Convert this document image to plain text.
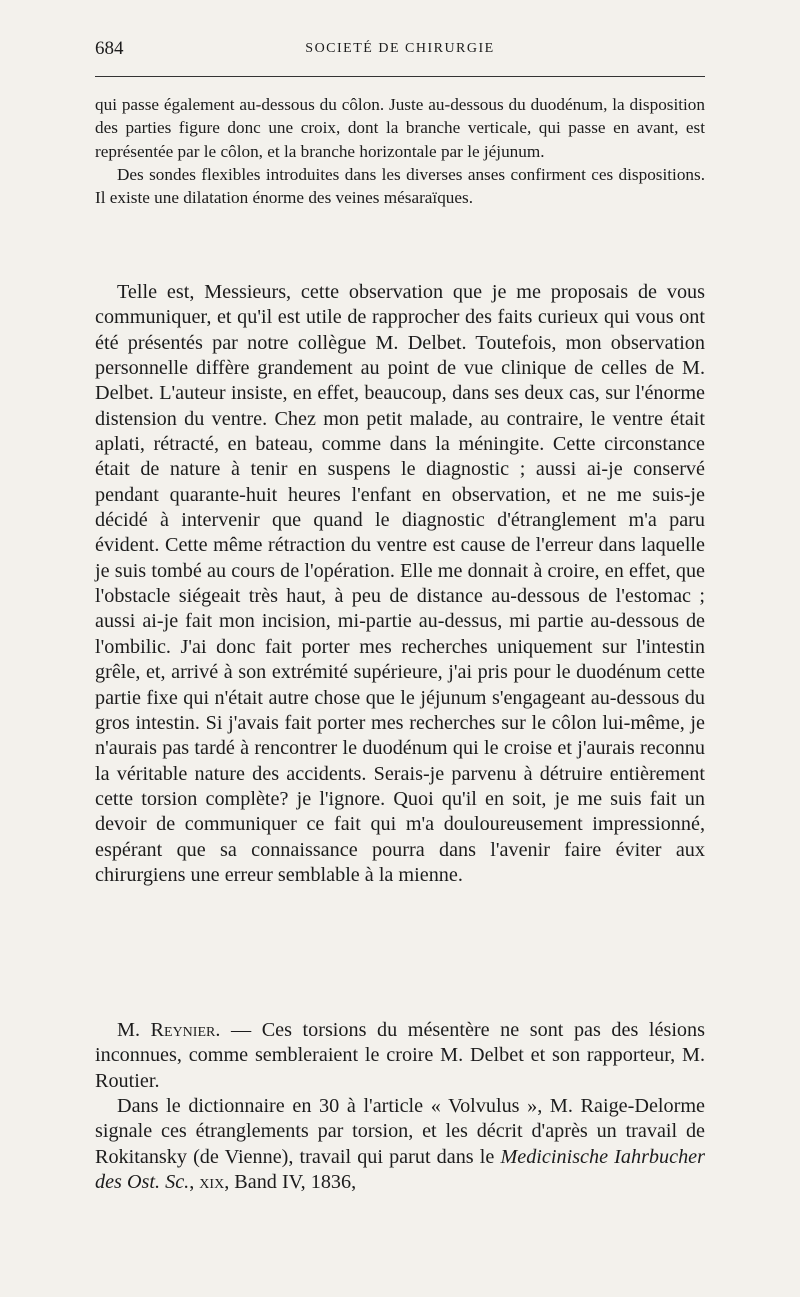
684	SOCIETÉ DE CHIRURGIE

qui passe également au-dessous du côlon. Juste au-dessous du duodénum, la disposition des parties figure donc une croix, dont la branche verticale, qui passe en avant, est représentée par le côlon, et la branche horizontale par le jéjunum.

Des sondes flexibles introduites dans les diverses anses confirment ces dispositions. Il existe une dilatation énorme des veines mésaraïques.

Telle est, Messieurs, cette observation que je me proposais de vous communiquer, et qu'il est utile de rapprocher des faits curieux qui vous ont été présentés par notre collègue M. Delbet. Toutefois, mon observation personnelle diffère grandement au point de vue clinique de celles de M. Delbet. L'auteur insiste, en effet, beaucoup, dans ses deux cas, sur l'énorme distension du ventre. Chez mon petit malade, au contraire, le ventre était aplati, rétracté, en bateau, comme dans la méningite. Cette circonstance était de nature à tenir en suspens le diagnostic ; aussi ai-je conservé pendant quarante-huit heures l'enfant en observation, et ne me suis-je décidé à intervenir que quand le diagnostic d'étranglement m'a paru évident. Cette même rétraction du ventre est cause de l'erreur dans laquelle je suis tombé au cours de l'opération. Elle me donnait à croire, en effet, que l'obstacle siégeait très haut, à peu de distance au-dessous de l'estomac ; aussi ai-je fait mon incision, mi-partie au-dessus, mi partie au-dessous de l'ombilic. J'ai donc fait porter mes recherches uniquement sur l'intestin grêle, et, arrivé à son extrémité supérieure, j'ai pris pour le duodénum cette partie fixe qui n'était autre chose que le jéjunum s'engageant au-dessous du gros intestin. Si j'avais fait porter mes recherches sur le côlon lui-même, je n'aurais pas tardé à rencontrer le duodénum qui le croise et j'aurais reconnu la véritable nature des accidents. Serais-je parvenu à détruire entièrement cette torsion complète? je l'ignore. Quoi qu'il en soit, je me suis fait un devoir de communiquer ce fait qui m'a douloureusement impressionné, espérant que sa connaissance pourra dans l'avenir faire éviter aux chirurgiens une erreur semblable à la mienne.

M. Reynier. — Ces torsions du mésentère ne sont pas des lésions inconnues, comme sembleraient le croire M. Delbet et son rapporteur, M. Routier.

Dans le dictionnaire en 30 à l'article « Volvulus », M. Raige-Delorme signale ces étranglements par torsion, et les décrit d'après un travail de Rokitansky (de Vienne), travail qui parut dans le Medicinische Iahrbucher des Ost. Sc., xix, Band IV, 1836,
